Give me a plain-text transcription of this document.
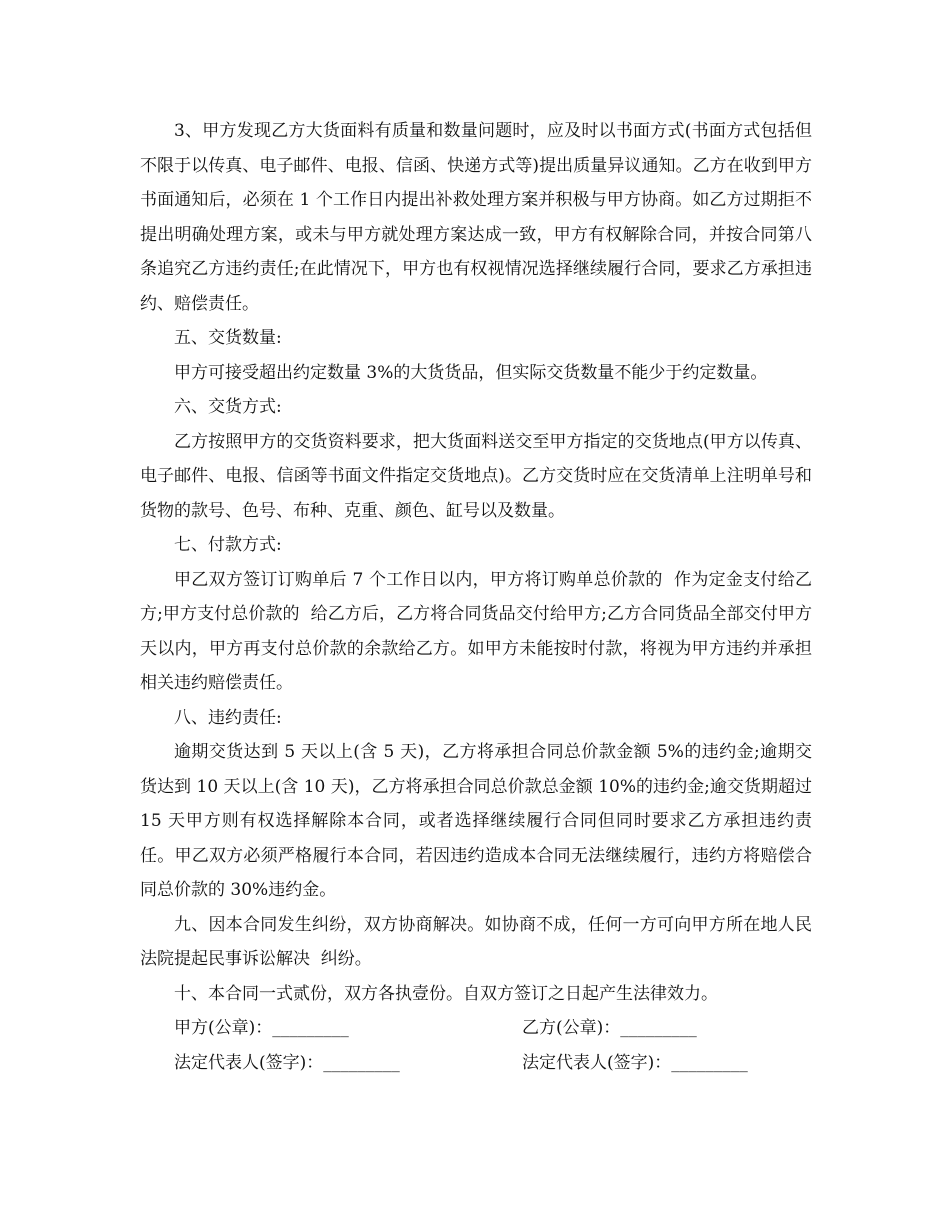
3、甲方发现乙方大货面料有质量和数量问题时，应及时以书面方式(书面方式包括但不限于以传真、电子邮件、电报、信函、快递方式等)提出质量异议通知。乙方在收到甲方书面通知后，必须在 1 个工作日内提出补救处理方案并积极与甲方协商。如乙方过期拒不提出明确处理方案，或未与甲方就处理方案达成一致，甲方有权解除合同，并按合同第八条追究乙方违约责任;在此情况下，甲方也有权视情况选择继续履行合同，要求乙方承担违约、赔偿责任。

五、交货数量:

甲方可接受超出约定数量 3%的大货货品，但实际交货数量不能少于约定数量。

六、交货方式:

乙方按照甲方的交货资料要求，把大货面料送交至甲方指定的交货地点(甲方以传真、电子邮件、电报、信函等书面文件指定交货地点)。乙方交货时应在交货清单上注明单号和货物的款号、色号、布种、克重、颜色、缸号以及数量。

七、付款方式:

甲乙双方签订订购单后 7 个工作日以内，甲方将订购单总价款的  作为定金支付给乙方;甲方支付总价款的  给乙方后，乙方将合同货品交付给甲方;乙方合同货品全部交付甲方  天以内，甲方再支付总价款的余款给乙方。如甲方未能按时付款，将视为甲方违约并承担相关违约赔偿责任。

八、违约责任:

逾期交货达到 5 天以上(含 5 天)，乙方将承担合同总价款金额 5%的违约金;逾期交货达到 10 天以上(含 10 天)，乙方将承担合同总价款总金额 10%的违约金;逾交货期超过 15 天甲方则有权选择解除本合同，或者选择继续履行合同但同时要求乙方承担违约责任。甲乙双方必须严格履行本合同，若因违约造成本合同无法继续履行，违约方将赔偿合同总价款的 30%违约金。

九、因本合同发生纠纷，双方协商解决。如协商不成，任何一方可向甲方所在地人民法院提起民事诉讼解决  纠纷。

十、本合同一式贰份，双方各执壹份。自双方签订之日起产生法律效力。

甲方(公章)：_________	乙方(公章)：_________
法定代表人(签字)：_________	法定代表人(签字)：_________
